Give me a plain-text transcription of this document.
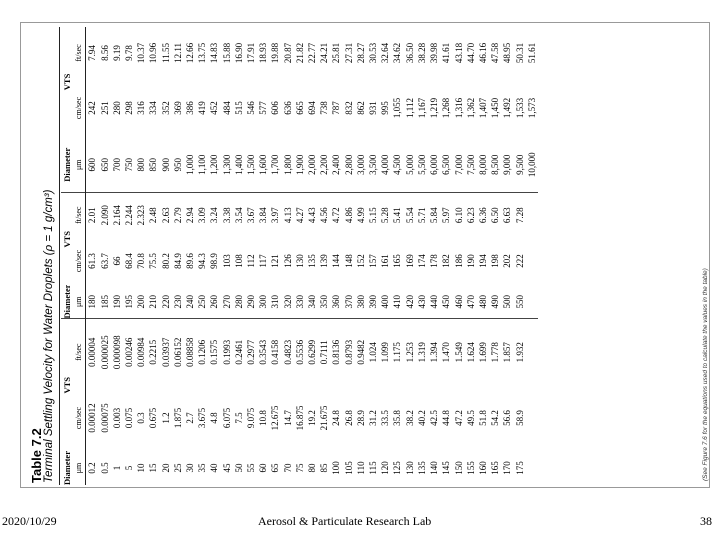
Table 7.2 Terminal Settling Velocity for Water Droplets (ρ = 1 g/cm³) Diameter	VTS		Diameter	VTS		Diameter	VTS	
μm	cm/sec	ft/sec	μm	cm/sec	ft/sec	μm	cm/sec	ft/sec
0.2	0.00012	0.00004	180	61.3	2.01	600	242	7.94
0.5	0.00075	0.000025	185	63.7	2.090	650	251	8.56
1	0.003	0.000098	190	66	2.164	700	280	9.19
5	0.075	0.00246	195	68.4	2.244	750	298	9.78
10	0.3	0.00984	200	70.8	2.323	800	316	10.37
15	0.675	0.2215	210	75.5	2.48	850	334	10.96
20	1.2	0.03937	220	80.2	2.63	900	352	11.55
25	1.875	0.06152	230	84.9	2.79	950	369	12.11
30	2.7	0.08858	240	89.6	2.94	1,000	386	12.66
35	3.675	0.1206	250	94.3	3.09	1,100	419	13.75
40	4.8	0.1575	260	98.9	3.24	1,200	452	14.83
45	6.075	0.1993	270	103	3.38	1,300	484	15.88
50	7.5	0.2461	280	108	3.54	1,400	515	16.90
55	9.075	0.2977	290	112	3.67	1,500	546	17.91
60	10.8	0.3543	300	117	3.84	1,600	577	18.93
65	12.675	0.4158	310	121	3.97	1,700	606	19.88
70	14.7	0.4823	320	126	4.13	1,800	636	20.87
75	16.875	0.5536	330	130	4.27	1,900	665	21.82
80	19.2	0.6299	340	135	4.43	2,000	694	22.77
85	21.675	0.7111	350	139	4.56	2,200	738	24.21
100	24.8	0.8136	360	144	4.72	2,400	787	25.81
105	26.8	0.8793	370	148	4.86	2,800	832	27.31
110	28.9	0.9482	380	152	4.99	3,000	862	28.27
115	31.2	1.024	390	157	5.15	3,500	931	30.53
120	33.5	1.099	400	161	5.28	4,000	995	32.64
125	35.8	1.175	410	165	5.41	4,500	1,055	34.62
130	38.2	1.253	420	169	5.54	5,000	1,112	36.50
135	40.2	1.319	430	174	5.71	5,500	1,167	38.28
140	42.5	1.394	440	178	5.84	6,000	1,219	39.98
145	44.8	1.470	450	182	5.97	6,500	1,268	41.61
150	47.2	1.549	460	186	6.10	7,000	1,316	43.18
155	49.5	1.624	470	190	6.23	7,500	1,362	44.70
160	51.8	1.699	480	194	6.36	8,000	1,407	46.16
165	54.2	1.778	490	198	6.50	8,500	1,450	47.58
170	56.6	1.857	500	202	6.63	9,000	1,492	48.95
175	58.9	1.932	550	222	7.28	9,500	1,533	50.31
						10,000	1,573	51.61
(See Figure 7.6 for the equations used to calculate the values in the table)
2020/10/29	Aerosol & Particulate Research Lab	38
